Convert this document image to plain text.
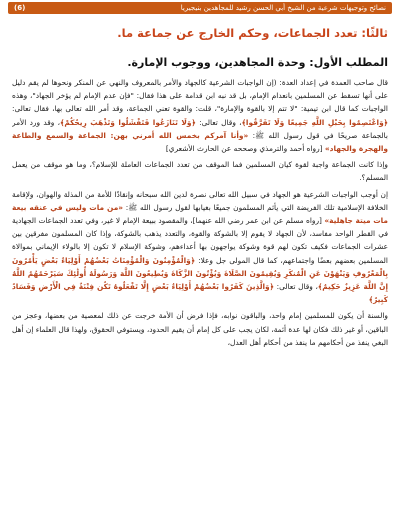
(6)	نصائح وتوجيهات شرعية من الشيخ أبي الحسن رشيد للمجاهدين بنيجيريا
ثالثًا: تعدد الجماعات، وحكم الخارج عن جماعة ما.
المطلب الأول: وحدة المجاهدين، ووجوب الإمارة.

قال صاحب العمدة في إعداد العدة: (إن الواجبات الشرعية كالجهاد والأمر بالمعروف والنهي عن المنكر ونحوها لم يقم دليل على أنها تسقط عن المسلمين بانعدام الإمام، بل قد نبه ابن قدامة على هذا فقال: "فإن عدم الإمام لم يؤخر الجهاد"، وهذه الواجبات كما قال ابن تيمية: "لا تتم إلا بالقوة والإمارة"، قلت: والقوة تعني الجماعة، وقد أمر الله تعالى بها، فقال تعالى: ﴿وَاعْتَصِمُوا بِحَبْلِ اللَّهِ جَمِيعًا وَلَا تَفَرَّقُوا﴾، وقال تعالى: ﴿وَلَا تَنَازَعُوا فَتَفْشَلُوا وَتَذْهَبَ رِيحُكُمْ﴾، وقد ورد الأمر بالجماعة صريحًا في قول رسول الله ﷺ: «وأنا آمركم بخمس الله أمرني بهن: الجماعة والسمع والطاعة والهجرة والجهاد» [رواه أحمد والترمذي وصححه عن الحارث الأشعري]

وإذا كانت الجماعة واجبة لقوة كيان المسلمين فما الموقف من تعدد الجماعات العاملة للإسلام؟، وما هو موقف من يعمل المسلم؟.

إن أوجب الواجبات الشرعية هو الجهاد في سبيل الله تعالى نصرة لدين الله سبحانه وإنقاذًا للأمة من المذلة والهوان، ولإقامة الخلافة الإسلامية تلك الفريضة التي يأثم المسلمون جميعًا بغيابها لقول رسول الله ﷺ: «من مات وليس في عنقه بيعة مات ميتة جاهلية» [رواه مسلم عن ابن عمر رضي الله عنهما]، والمقصود ببيعة الإمام لا غير، وفي تعدد الجماعات الجهادية في القطر الواحد مفاسد، لأن الجهاد لا يقوم إلا بالشوكة والقوة، والتعدد يذهب بالشوكة، وإذا كان المسلمون مفرقين بين عشرات الجماعات فكيف تكون لهم قوة وشوكة يواجهون بها أعداءهم، وشوكة الإسلام لا تكون إلا بالولاء الإيماني بموالاة المسلمين بعضهم بعضًا واجتماعهم، كما قال المولى جل وعلا: ﴿وَالْمُؤْمِنُونَ وَالْمُؤْمِنَاتُ بَعْضُهُمْ أَوْلِيَاءُ بَعْضٍ يَأْمُرُونَ بِالْمَعْرُوفِ وَيَنْهَوْنَ عَنِ الْمُنكَرِ وَيُقِيمُونَ الصَّلَاةَ وَيُؤْتُونَ الزَّكَاةَ وَيُطِيعُونَ اللَّهَ وَرَسُولَهُ أُولَٰئِكَ سَيَرْحَمُهُمُ اللَّهُ إِنَّ اللَّهَ عَزِيزٌ حَكِيمٌ﴾، وقال تعالى: ﴿وَالَّذِينَ كَفَرُوا بَعْضُهُمْ أَوْلِيَاءُ بَعْضٍ إِلَّا تَفْعَلُوهُ تَكُن فِتْنَةٌ فِي الْأَرْضِ وَفَسَادٌ كَبِيرٌ﴾

والسنة أن يكون للمسلمين إمام واحد، والباقون نوابه، فإذا فرض أن الأمة خرجت عن ذلك لمعصية من بعضها، وعجز من الباقين، أو غير ذلك فكان لها عدة أئمة، لكان يجب على كل إمام أن يقيم الحدود، ويستوفي الحقوق، ولهذا قال العلماء إن أهل البغي ينفذ من أحكامهم ما ينفذ من أحكام أهل العدل،
